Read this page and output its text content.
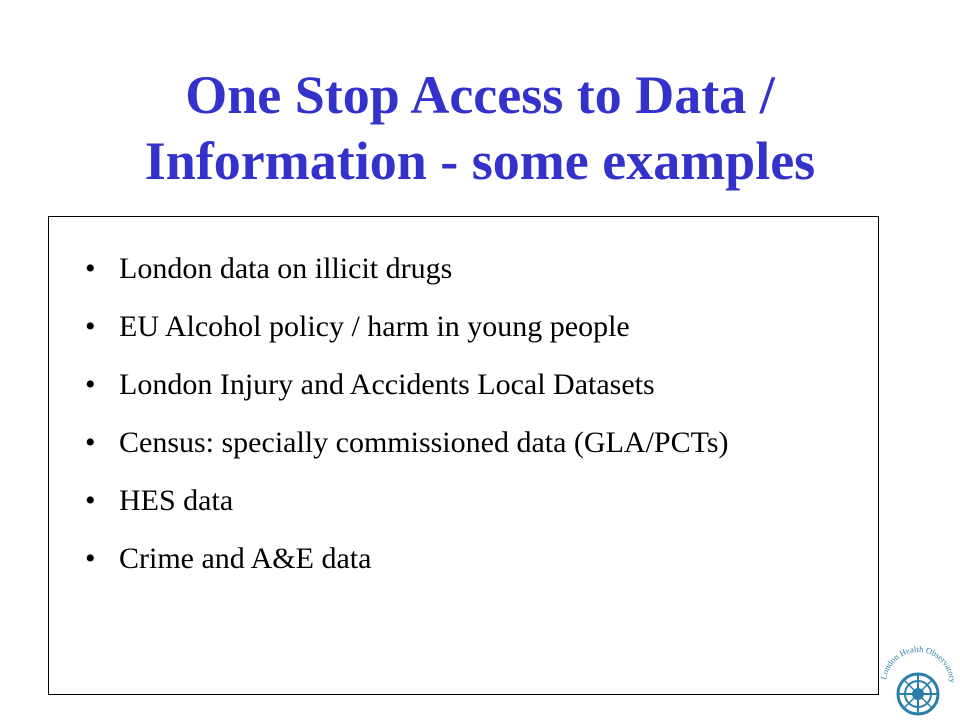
One Stop Access to Data /
Information - some examples
• London data on illicit drugs
• EU Alcohol policy / harm in young people
• London Injury and Accidents Local Datasets
• Census: specially commissioned data (GLA/PCTs)
• HES data
• Crime and A&E data
London Health Observatory
